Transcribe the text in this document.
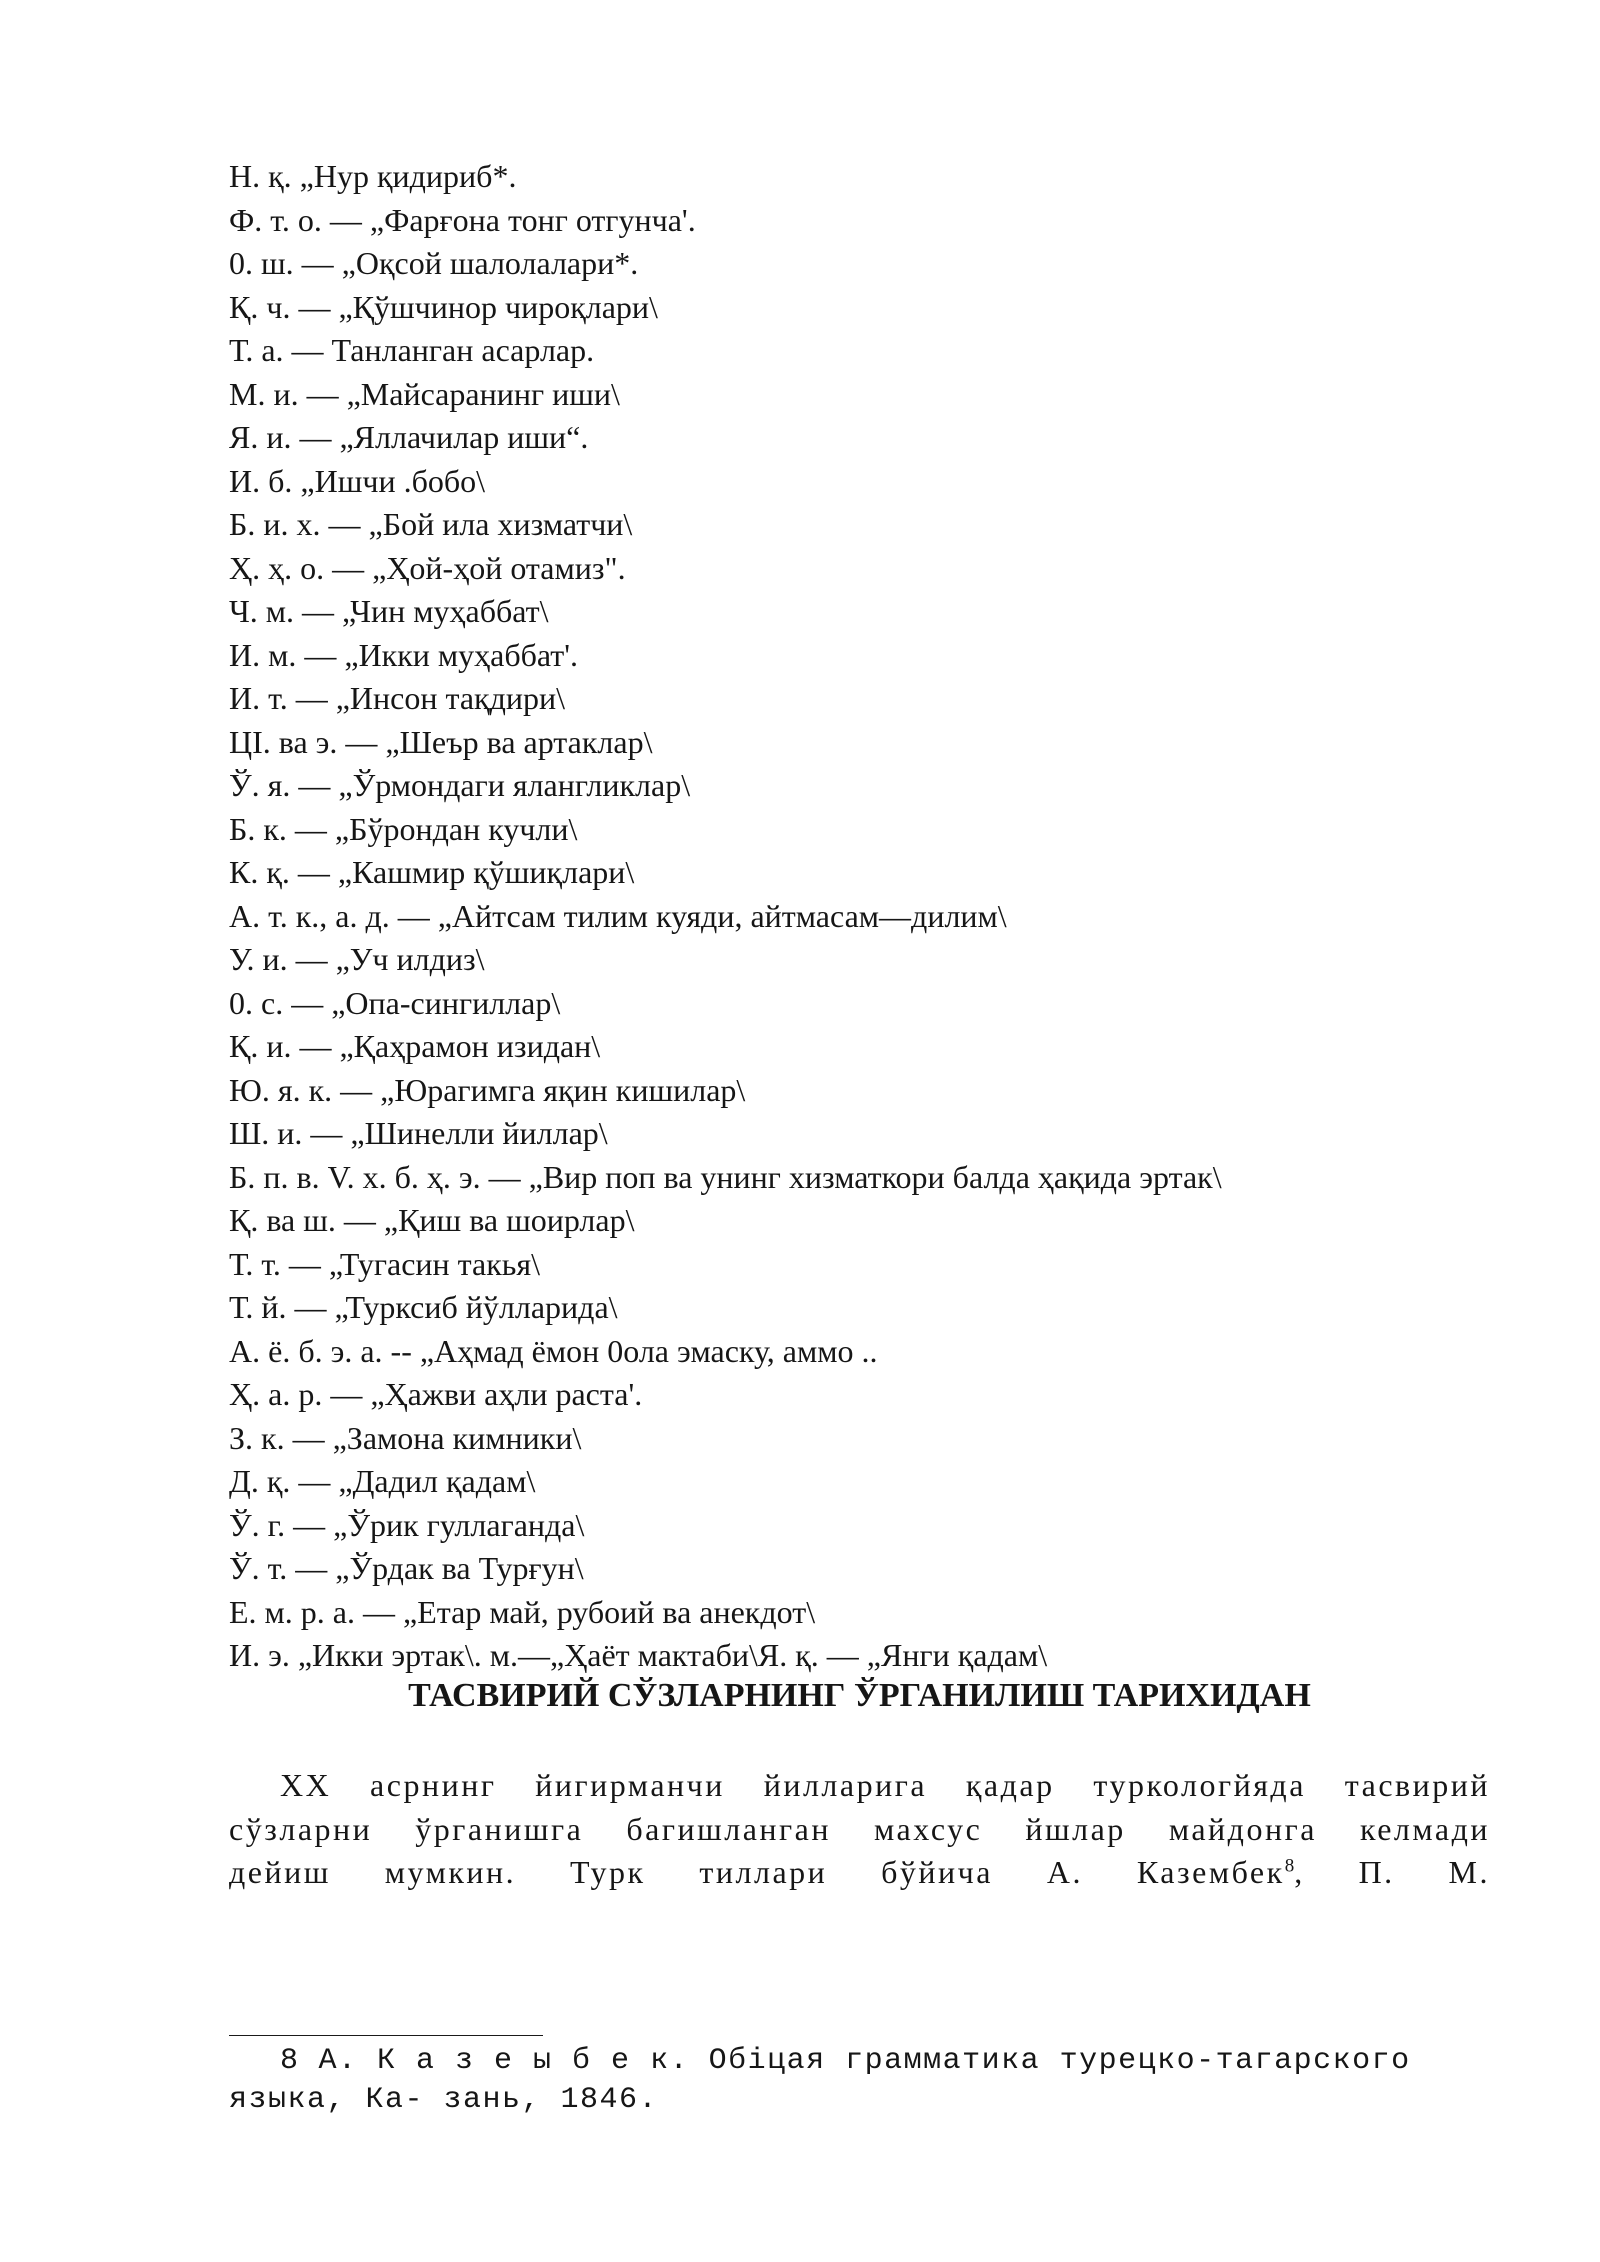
Н. қ. „Нур қидириб*.
Ф. т. о. — „Фарғона тонг отгунча'.
0. ш. — „Оқсой шалолалари*.
Қ. ч. — „Қўшчинор чироқлари\
Т. а. — Танланган асарлар.
М. и. — „Майсаранинг иши\
Я. и. — „Яллачилар иши“.
И. б. „Ишчи .бобо\
Б. и. х. — „Бой ила хизматчи\
Ҳ. ҳ. о. — „Ҳой-ҳой отамиз".
Ч. м. — „Чин муҳаббат\
И. м. — „Икки муҳаббат'.
И. т. — „Инсон тақдири\
ЦІ. ва э. — „Шеър ва артаклар\
Ў. я. — „Ўрмондаги ялангликлар\
Б. к. — „Бўрондан кучли\
К. қ. — „Кашмир қўшиқлари\
А. т. к., а. д. — „Айтсам тилим куяди, айтмасам—дилим\
У. и. — „Уч илдиз\
0. с. — „Опа-сингиллар\
Қ. и. — „Қаҳрамон изидан\
Ю. я. к. — „Юрагимга яқин кишилар\
Ш. и. — „Шинелли йиллар\
Б. п. в. V. х. б. ҳ. э. — „Вир поп ва унинг хизматкори балда ҳақида эртак\
Қ. ва ш. — „Қиш ва шоирлар\
Т. т. — „Тугасин такья\
Т. й. — „Турксиб йўлларида\
А. ё. б. э. а. -- „Аҳмад ёмон 0ола эмаску, аммо ..
Ҳ. а. р. — „Ҳажви аҳли раста'.
З. к. — „Замона кимники\
Д. қ. — „Дадил қадам\
Ў. г. — „Ўрик гуллаганда\
Ў. т. — „Ўрдак ва Турғун\
Е. м. р. а. — „Етар май, рубоий ва анекдот\
И. э. „Икки эртак\. м.—„Ҳаёт мактаби\Я. қ. — „Янги қадам\
ТАСВИРИЙ СЎЗЛАРНИНГ ЎРГАНИЛИШ ТАРИХИДАН
XX асрнинг йигирманчи йилларига қадар туркологйяда тасвирий
сўзларни ўрганишга багишланган махсус йшлар майдонга келмади
дейиш мумкин. Турк тиллари бўйича А. Казембек$^8$, П. М.
8 А. К а з е ы б е к. Обіцая грамматика турецко-тагарского
языка, Ка- зань, 1846.
